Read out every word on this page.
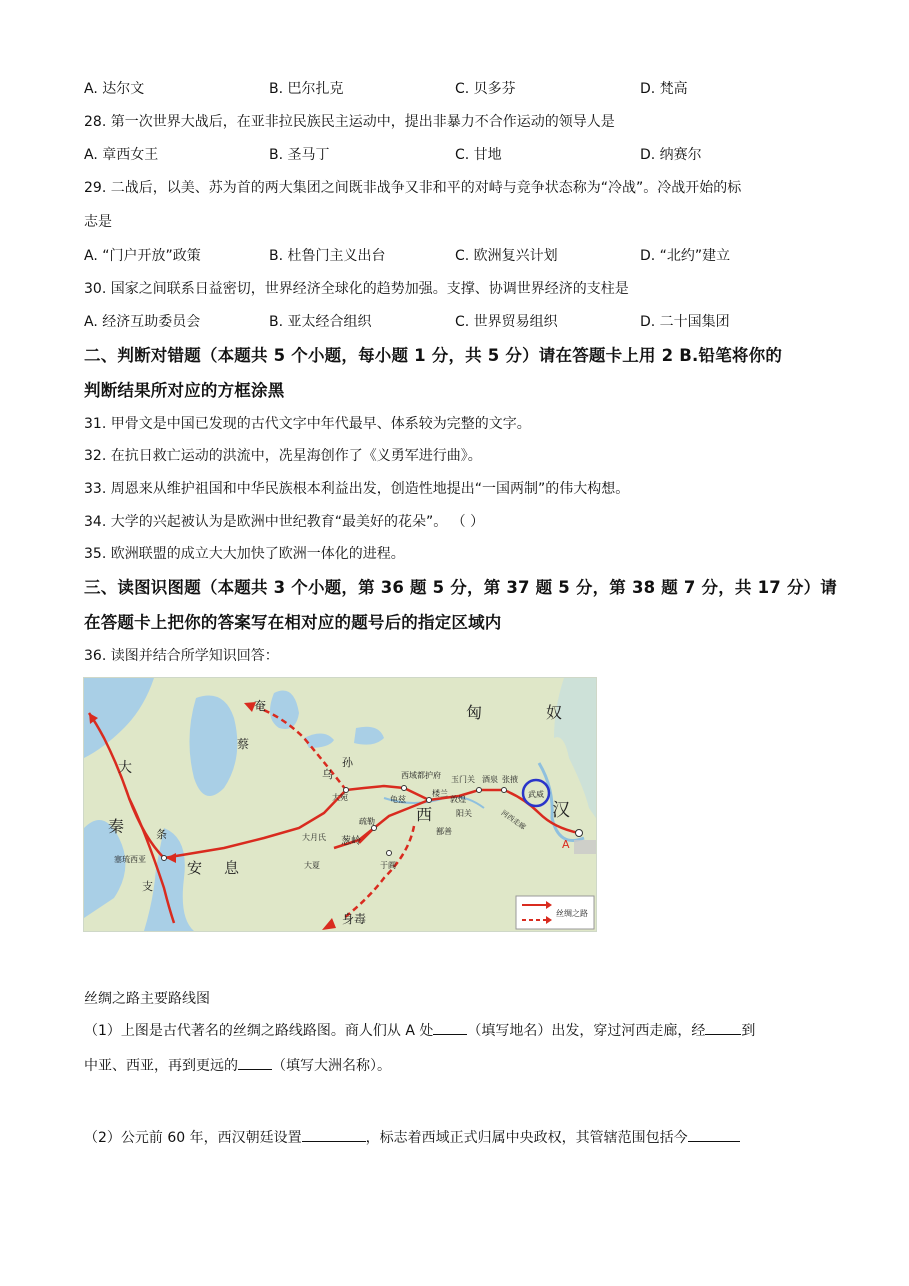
A. 达尔文	B. 巴尔扎克	C. 贝多芬	D. 梵高
28. 第一次世界大战后，在亚非拉民族民主运动中，提出非暴力不合作运动的领导人是
A. 章西女王	B. 圣马丁	C. 甘地	D. 纳赛尔
29. 二战后，以美、苏为首的两大集团之间既非战争又非和平的对峙与竞争状态称为“冷战”。冷战开始的标
志是
A. “门户开放”政策	B. 杜鲁门主义出台	C. 欧洲复兴计划	D. “北约”建立
30. 国家之间联系日益密切，世界经济全球化的趋势加强。支撑、协调世界经济的支柱是
A. 经济互助委员会	B. 亚太经合组织	C. 世界贸易组织	D. 二十国集团
二、判断对错题（本题共 5 个小题，每小题 1 分，共 5 分）请在答题卡上用 2 B.铅笔将你的
判断结果所对应的方框涂黑
31. 甲骨文是中国已发现的古代文字中年代最早、体系较为完整的文字。
32. 在抗日救亡运动的洪流中，冼星海创作了《义勇军进行曲》。
33. 周恩来从维护祖国和中华民族根本利益出发，创造性地提出“一国两制”的伟大构想。
34. 大学的兴起被认为是欧洲中世纪教育“最美好的花朵”。 （ ）
35. 欧洲联盟的成立大大加快了欧洲一体化的进程。
三、读图识图题（本题共 3 个小题，第 36 题 5 分，第 37 题 5 分，第 38 题 7 分，共 17 分）请
在答题卡上把你的答案写在相对应的题号后的指定区域内
36. 读图并结合所学知识回答：
匈	奴
汉
西
大
秦	条
支
安 息
奄
蔡
乌
孙
身毒
西域都护府
大宛
疏勒
葱岭
大月氏
大夏
龟兹
楼兰
玉门关 酒泉 张掖
武威
敦煌
阳关
鄯善
于阗
河西走廊
塞琉西亚
A
丝绸之路
丝绸之路主要路线图
（1）上图是古代著名的丝绸之路线路图。商人们从 A 处 （填写地名）出发，穿过河西走廊，经	到
中亚、西亚，再到更远的 （填写大洲名称）。
（2）公元前 60 年，西汉朝廷设置	，标志着西域正式归属中央政权，其管辖范围包括今
